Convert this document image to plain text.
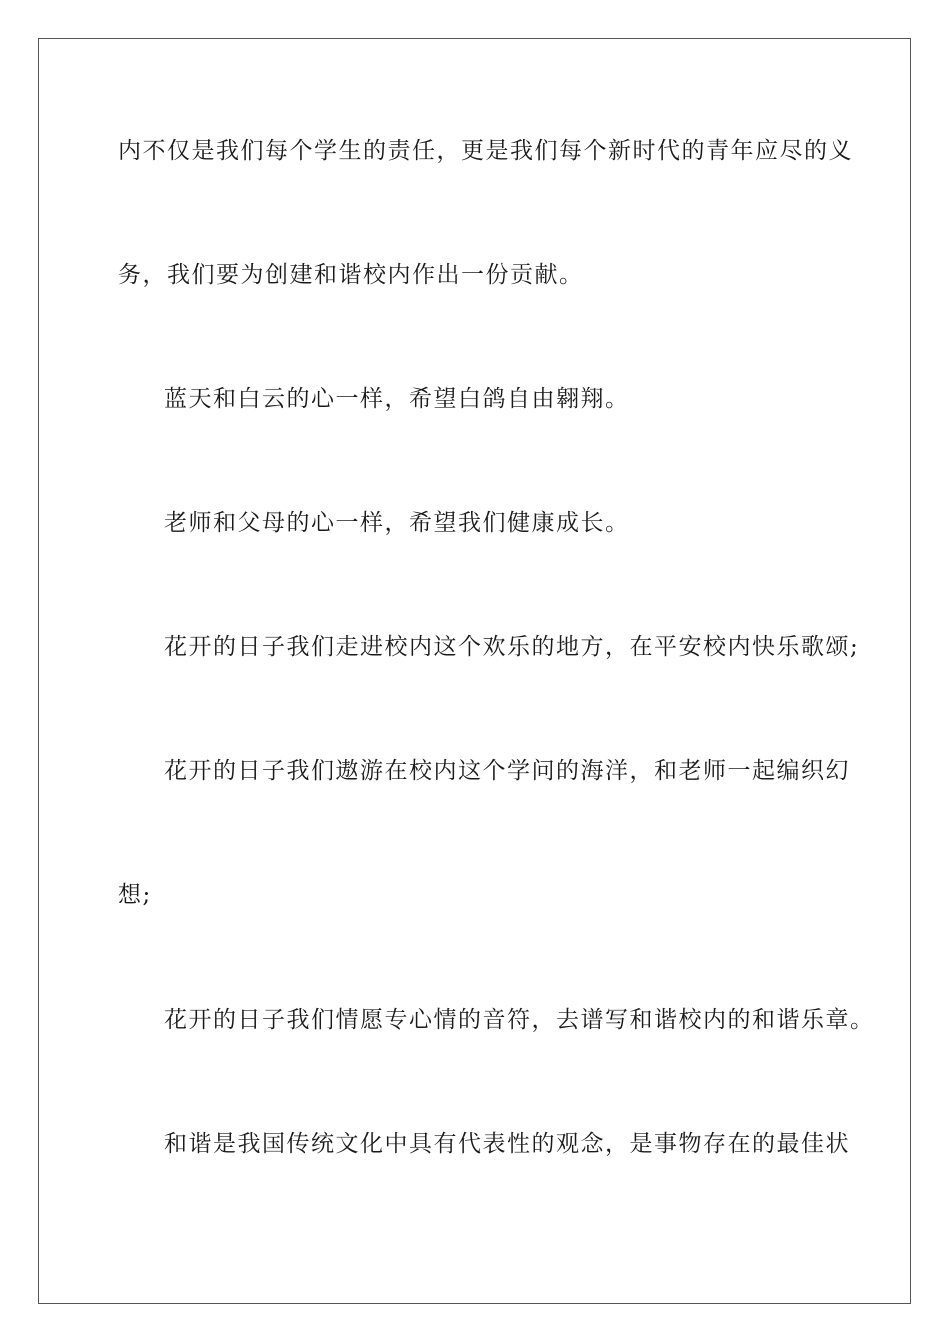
内不仅是我们每个学生的责任，更是我们每个新时代的青年应尽的义
务，我们要为创建和谐校内作出一份贡献。
蓝天和白云的心一样，希望白鸽自由翱翔。
老师和父母的心一样，希望我们健康成长。
花开的日子我们走进校内这个欢乐的地方，在平安校内快乐歌颂;
花开的日子我们遨游在校内这个学问的海洋，和老师一起编织幻
想;
花开的日子我们情愿专心情的音符，去谱写和谐校内的和谐乐章。
和谐是我国传统文化中具有代表性的观念，是事物存在的最佳状
